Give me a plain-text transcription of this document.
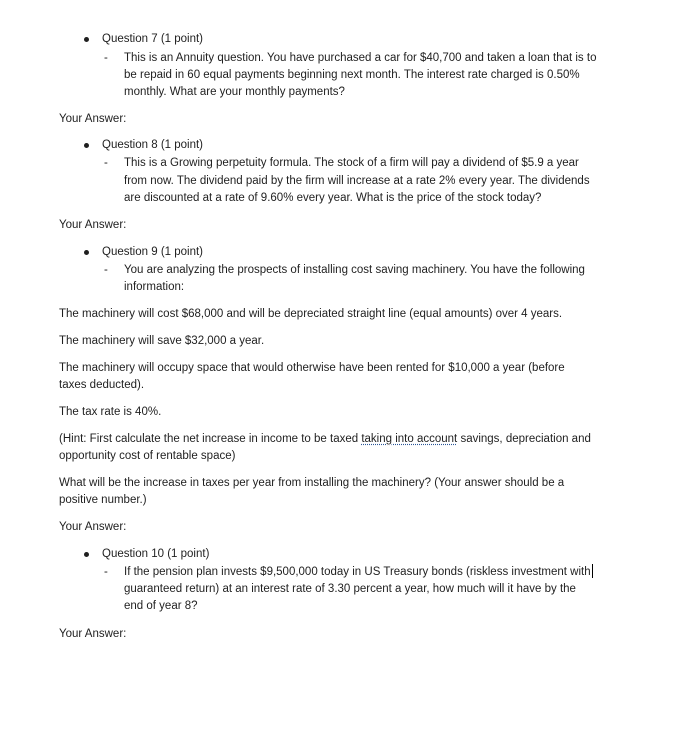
Question 7 (1 point)
- This is an Annuity question. You have purchased a car for $40,700 and taken a loan that is to
be repaid in 60 equal payments beginning next month. The interest rate charged is 0.50%
monthly. What are your monthly payments?
Your Answer:
Question 8 (1 point)
- This is a Growing perpetuity formula. The stock of a firm will pay a dividend of $5.9 a year
from now. The dividend paid by the firm will increase at a rate 2% every year. The dividends
are discounted at a rate of 9.60% every year. What is the price of the stock today?
Your Answer:
Question 9 (1 point)
- You are analyzing the prospects of installing cost saving machinery. You have the following
information:
The machinery will cost $68,000 and will be depreciated straight line (equal amounts) over 4 years.
The machinery will save $32,000 a year.
The machinery will occupy space that would otherwise have been rented for $10,000 a year (before
taxes deducted).
The tax rate is 40%.
(Hint: First calculate the net increase in income to be taxed taking into account savings, depreciation and
opportunity cost of rentable space)
What will be the increase in taxes per year from installing the machinery? (Your answer should be a
positive number.)
Your Answer:
Question 10 (1 point)
- If the pension plan invests $9,500,000 today in US Treasury bonds (riskless investment with
guaranteed return) at an interest rate of 3.30 percent a year, how much will it have by the
end of year 8?
Your Answer:
